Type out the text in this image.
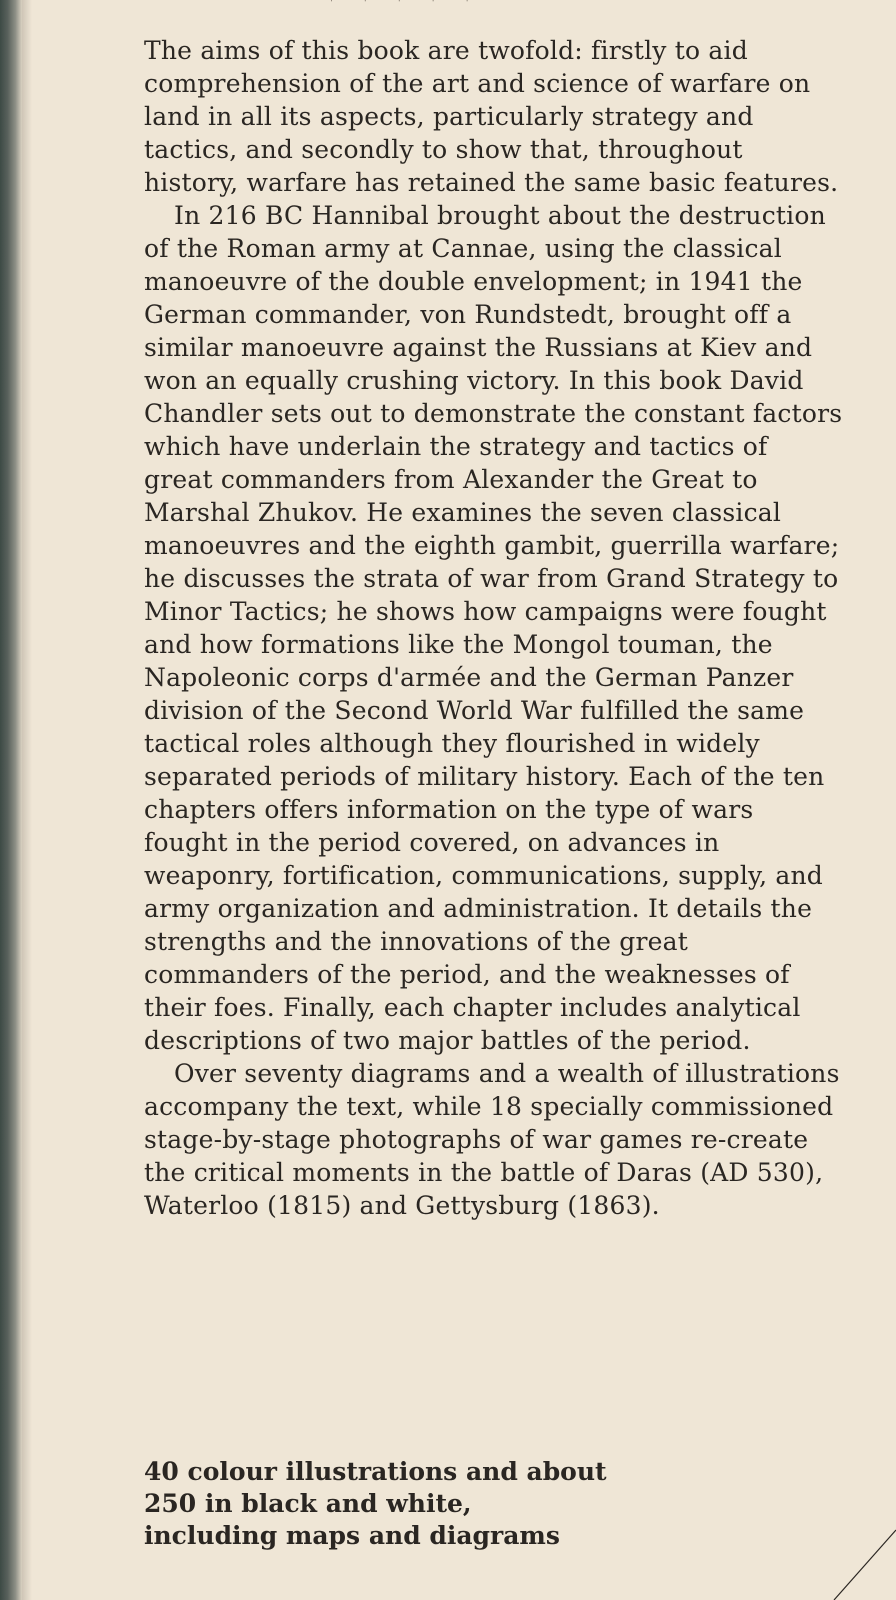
' ' ' ' '

The aims of this book are twofold: firstly to aid comprehension of the art and science of warfare on land in all its aspects, particularly strategy and tactics, and secondly to show that, throughout history, warfare has retained the same basic features.

In 216 BC Hannibal brought about the destruction of the Roman army at Cannae, using the classical manoeuvre of the double envelopment; in 1941 the German commander, von Rundstedt, brought off a similar manoeuvre against the Russians at Kiev and won an equally crushing victory. In this book David Chandler sets out to demonstrate the constant factors which have underlain the strategy and tactics of great commanders from Alexander the Great to Marshal Zhukov. He examines the seven classical manoeuvres and the eighth gambit, guerrilla warfare; he discusses the strata of war from Grand Strategy to Minor Tactics; he shows how campaigns were fought and how formations like the Mongol touman, the Napoleonic corps d'armée and the German Panzer division of the Second World War fulfilled the same tactical roles although they flourished in widely separated periods of military history. Each of the ten chapters offers information on the type of wars fought in the period covered, on advances in weaponry, fortification, communications, supply, and army organization and administration. It details the strengths and the innovations of the great commanders of the period, and the weaknesses of their foes. Finally, each chapter includes analytical descriptions of two major battles of the period.

Over seventy diagrams and a wealth of illustrations accompany the text, while 18 specially commissioned stage-by-stage photographs of war games re-create the critical moments in the battle of Daras (AD 530), Waterloo (1815) and Gettysburg (1863).

40 colour illustrations and about
250 in black and white,
including maps and diagrams
